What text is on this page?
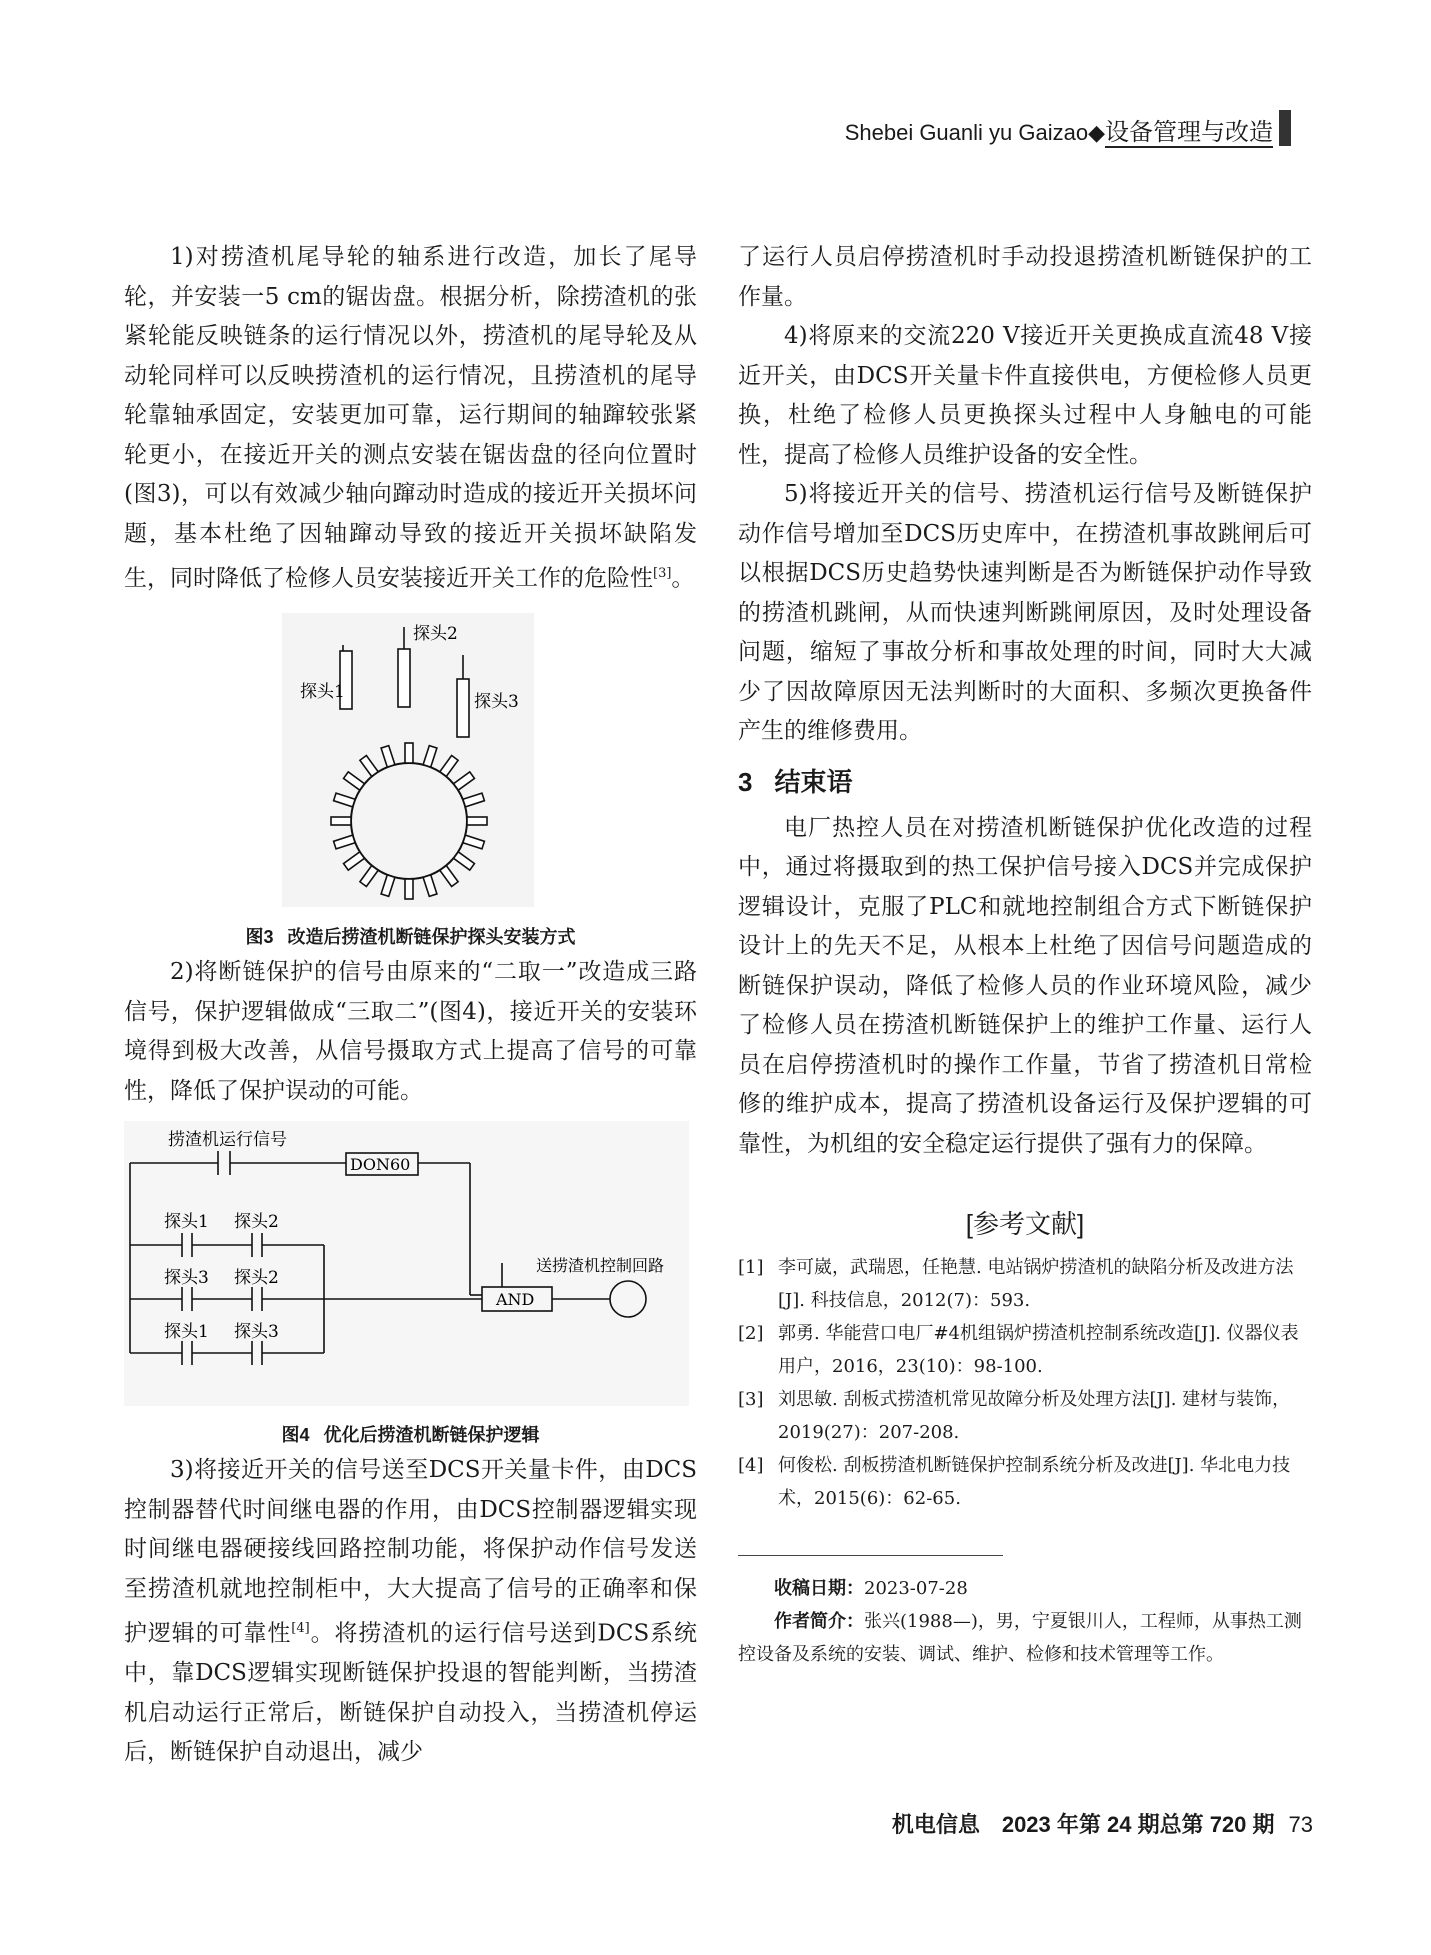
Shebei Guanli yu Gaizao◆设备管理与改造

1)对捞渣机尾导轮的轴系进行改造，加长了尾导轮，并安装一5 cm的锯齿盘。根据分析，除捞渣机的张紧轮能反映链条的运行情况以外，捞渣机的尾导轮及从动轮同样可以反映捞渣机的运行情况，且捞渣机的尾导轮靠轴承固定，安装更加可靠，运行期间的轴蹿较张紧轮更小，在接近开关的测点安装在锯齿盘的径向位置时(图3)，可以有效减少轴向蹿动时造成的接近开关损坏问题，基本杜绝了因轴蹿动导致的接近开关损坏缺陷发生，同时降低了检修人员安装接近开关工作的危险性[3]。

探头1
探头2
探头3
图3 改造后捞渣机断链保护探头安装方式

2)将断链保护的信号由原来的“二取一”改造成三路信号，保护逻辑做成“三取二”(图4)，接近开关的安装环境得到极大改善，从信号摄取方式上提高了信号的可靠性，降低了保护误动的可能。

捞渣机运行信号
DON60
探头1 探头2
探头3 探头2
探头1 探头3
AND
送捞渣机控制回路
图4 优化后捞渣机断链保护逻辑

3)将接近开关的信号送至DCS开关量卡件，由DCS控制器替代时间继电器的作用，由DCS控制器逻辑实现时间继电器硬接线回路控制功能，将保护动作信号发送至捞渣机就地控制柜中，大大提高了信号的正确率和保护逻辑的可靠性[4]。将捞渣机的运行信号送到DCS系统中，靠DCS逻辑实现断链保护投退的智能判断，当捞渣机启动运行正常后，断链保护自动投入，当捞渣机停运后，断链保护自动退出，减少

了运行人员启停捞渣机时手动投退捞渣机断链保护的工作量。

4)将原来的交流220 V接近开关更换成直流48 V接近开关，由DCS开关量卡件直接供电，方便检修人员更换，杜绝了检修人员更换探头过程中人身触电的可能性，提高了检修人员维护设备的安全性。

5)将接近开关的信号、捞渣机运行信号及断链保护动作信号增加至DCS历史库中，在捞渣机事故跳闸后可以根据DCS历史趋势快速判断是否为断链保护动作导致的捞渣机跳闸，从而快速判断跳闸原因，及时处理设备问题，缩短了事故分析和事故处理的时间，同时大大减少了因故障原因无法判断时的大面积、多频次更换备件产生的维修费用。

3 结束语

电厂热控人员在对捞渣机断链保护优化改造的过程中，通过将摄取到的热工保护信号接入DCS并完成保护逻辑设计，克服了PLC和就地控制组合方式下断链保护设计上的先天不足，从根本上杜绝了因信号问题造成的断链保护误动，降低了检修人员的作业环境风险，减少了检修人员在捞渣机断链保护上的维护工作量、运行人员在启停捞渣机时的操作工作量，节省了捞渣机日常检修的维护成本，提高了捞渣机设备运行及保护逻辑的可靠性，为机组的安全稳定运行提供了强有力的保障。

[参考文献]

[1] 李可崴，武瑞恩，任艳慧. 电站锅炉捞渣机的缺陷分析及改进方法[J]. 科技信息，2012(7)：593.

[2] 郭勇. 华能营口电厂#4机组锅炉捞渣机控制系统改造[J]. 仪器仪表用户，2016，23(10)：98-100.

[3] 刘思敏. 刮板式捞渣机常见故障分析及处理方法[J]. 建材与装饰，2019(27)：207-208.

[4] 何俊松. 刮板捞渣机断链保护控制系统分析及改进[J]. 华北电力技术，2015(6)：62-65.

收稿日期：2023-07-28

作者简介：张兴(1988—)，男，宁夏银川人，工程师，从事热工测控设备及系统的安装、调试、维护、检修和技术管理等工作。

机电信息　2023 年第 24 期总第 720 期 73
